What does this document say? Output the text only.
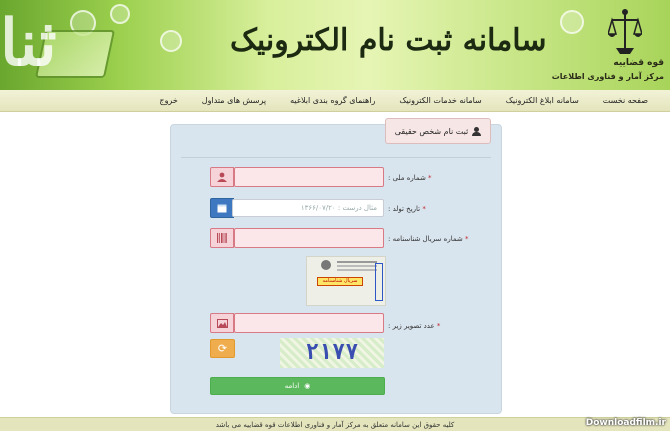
ثنا	سامانه ثبت نام الکترونیک
قوه قضاییه
مرکز آمار و فناوری اطلاعات
صفحه نخست
سامانه ابلاغ الکترونیک
سامانه خدمات الکترونیک
راهنمای گروه بندی ابلاغیه
پرسش های متداول
خروج
ثبت نام شخص حقیقی
* شماره ملی :
مثال درست : ۱۳۶۶/۰۷/۲۰	* تاریخ تولد :
* شماره سریال شناسنامه :
سریال شناسنامه
* عدد تصویر زیر :
⟳	۲۱۷۷
◉
ادامه
کلیه حقوق این سامانه متعلق به مرکز آمار و فناوری اطلاعات قوه قضاییه می باشد	Downloadfilm.ir
